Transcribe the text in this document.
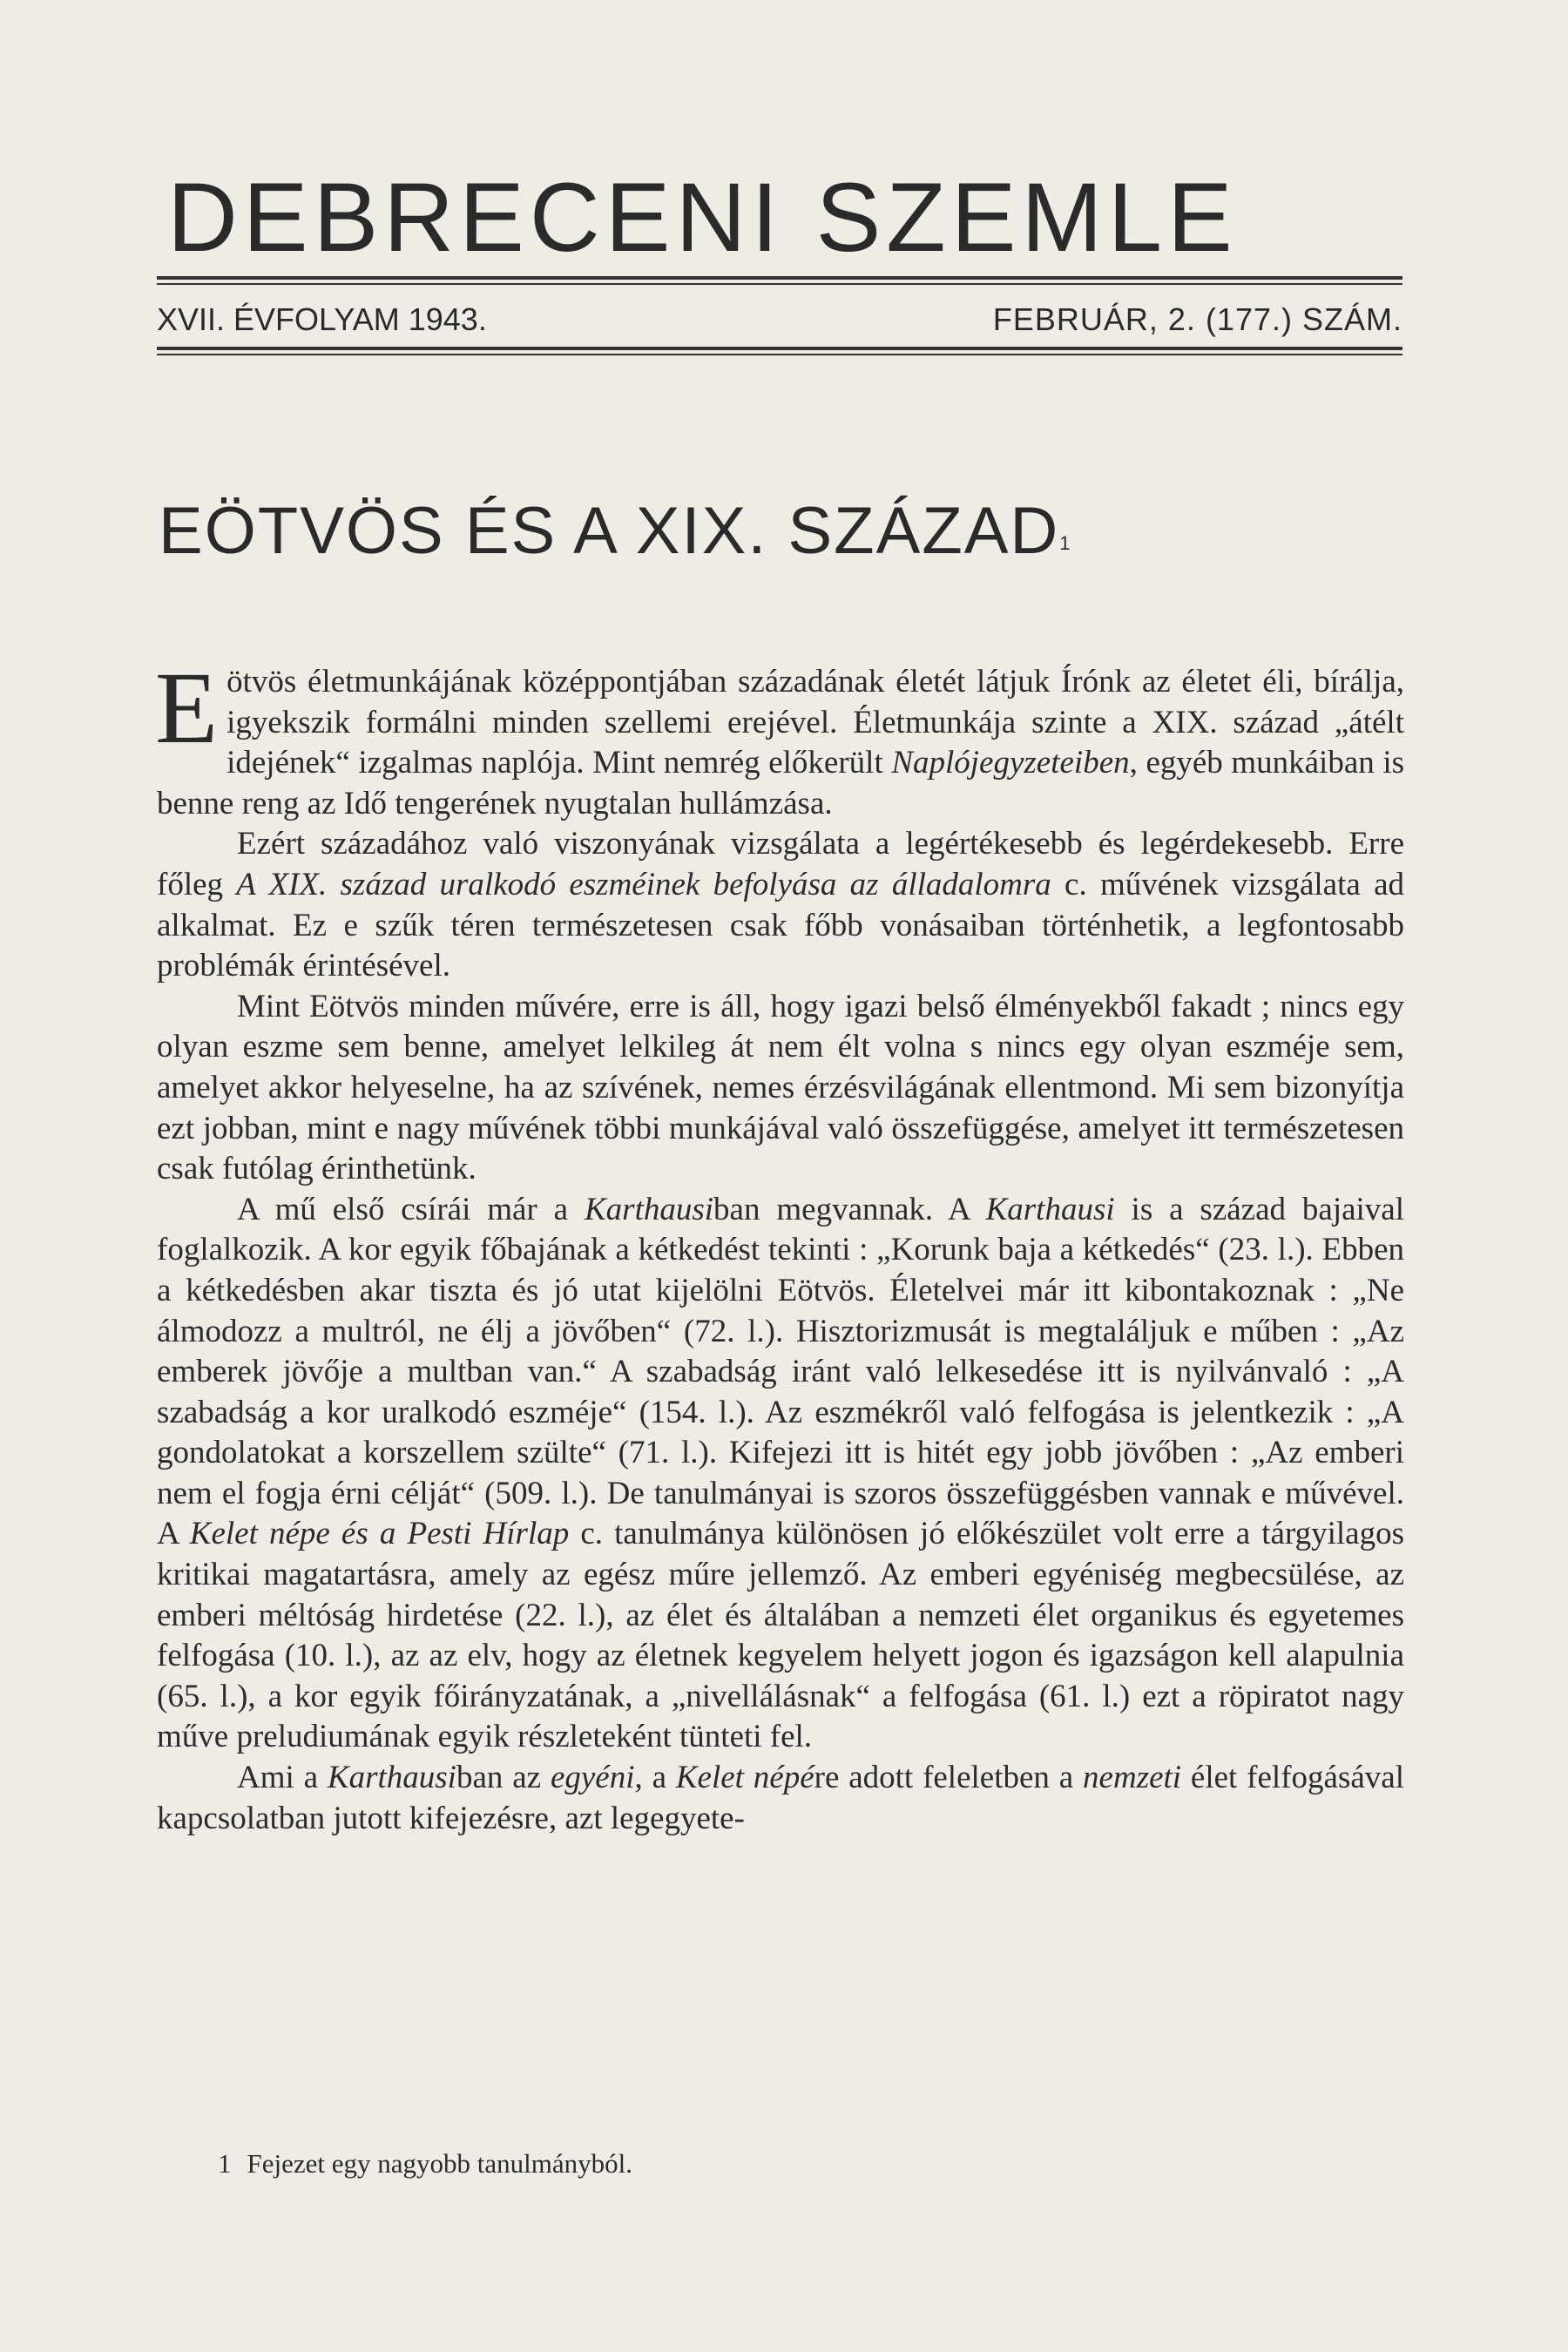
DEBRECENI SZEMLE
XVII. ÉVFOLYAM 1943.	FEBRUÁR, 2. (177.) SZÁM.
EÖTVÖS ÉS A XIX. SZÁZAD$^1$

Eötvös életmunkájának középpontjában századának életét látjuk Írónk az életet éli, bírálja, igyekszik formálni minden szellemi erejével. Életmunkája szinte a XIX. század „átélt idejének“ izgalmas naplója. Mint nemrég előkerült Naplójegyzeteiben, egyéb munkáiban is benne reng az Idő tengerének nyugtalan hullámzása.

Ezért századához való viszonyának vizsgálata a legértékesebb és legérdekesebb. Erre főleg A XIX. század uralkodó eszméinek befolyása az álladalomra c. művének vizsgálata ad alkalmat. Ez e szűk téren természetesen csak főbb vonásaiban történhetik, a legfontosabb problémák érintésével.

Mint Eötvös minden művére, erre is áll, hogy igazi belső élményekből fakadt ; nincs egy olyan eszme sem benne, amelyet lelkileg át nem élt volna s nincs egy olyan eszméje sem, amelyet akkor helyeselne, ha az szívének, nemes érzésvilágának ellentmond. Mi sem bizonyítja ezt jobban, mint e nagy művének többi munkájával való összefüggése, amelyet itt természetesen csak futólag érinthetünk.

A mű első csírái már a Karthausiban megvannak. A Karthausi is a század bajaival foglalkozik. A kor egyik főbajának a kétkedést tekinti : „Korunk baja a kétkedés“ (23. l.). Ebben a kétkedésben akar tiszta és jó utat kijelölni Eötvös. Életelvei már itt kibontakoznak : „Ne álmodozz a multról, ne élj a jövőben“ (72. l.). Hisztorizmusát is megtaláljuk e műben : „Az emberek jövője a multban van.“ A szabadság iránt való lelkesedése itt is nyilvánvaló : „A szabadság a kor uralkodó eszméje“ (154. l.). Az eszmékről való felfogása is jelentkezik : „A gondolatokat a korszellem szülte“ (71. l.). Kifejezi itt is hitét egy jobb jövőben : „Az emberi nem el fogja érni célját“ (509. l.). De tanulmányai is szoros összefüggésben vannak e művével. A Kelet népe és a Pesti Hírlap c. tanulmánya különösen jó előkészület volt erre a tárgyilagos kritikai magatartásra, amely az egész műre jellemző. Az emberi egyéniség megbecsülése, az emberi méltóság hirdetése (22. l.), az élet és általában a nemzeti élet organikus és egyetemes felfogása (10. l.), az az elv, hogy az életnek kegyelem helyett jogon és igazságon kell alapulnia (65. l.), a kor egyik főirányzatának, a „nivellálásnak“ a felfogása (61. l.) ezt a röpiratot nagy műve preludiumának egyik részleteként tünteti fel.

Ami a Karthausiban az egyéni, a Kelet népére adott feleletben a nemzeti élet felfogásával kapcsolatban jutott kifejezésre, azt legegyete-

1 Fejezet egy nagyobb tanulmányból.
